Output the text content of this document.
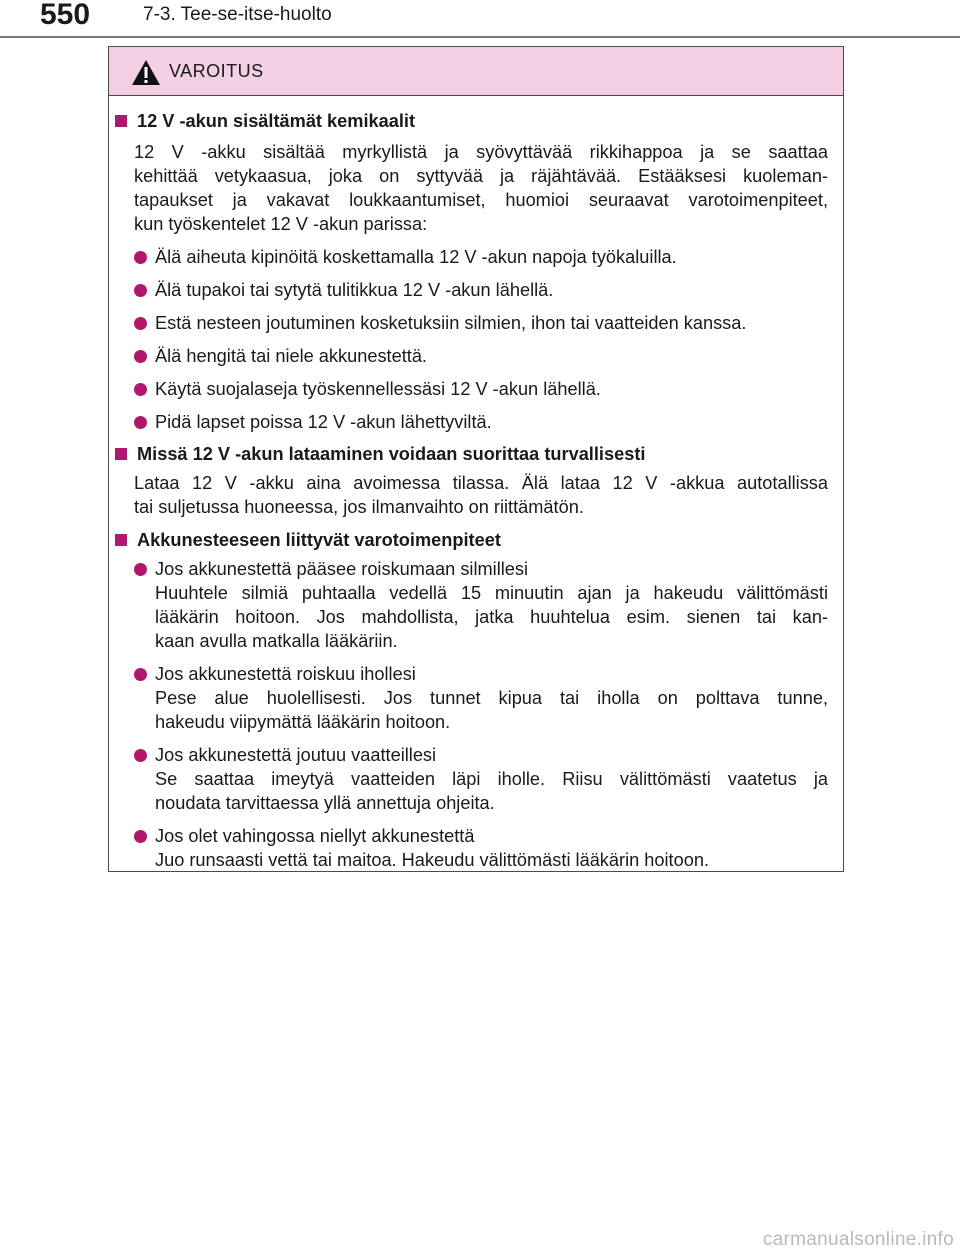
550	7-3. Tee-se-itse-huolto
VAROITUS
12 V -akun sisältämät kemikaalit
12 V -akku sisältää myrkyllistä ja syövyttävää rikkihappoa ja se saattaa
kehittää vetykaasua, joka on syttyvää ja räjähtävää. Estääksesi kuoleman-
tapaukset ja vakavat loukkaantumiset, huomioi seuraavat varotoimenpiteet,
kun työskentelet 12 V -akun parissa:
Älä aiheuta kipinöitä koskettamalla 12 V -akun napoja työkaluilla.
Älä tupakoi tai sytytä tulitikkua 12 V -akun lähellä.
Estä nesteen joutuminen kosketuksiin silmien, ihon tai vaatteiden kanssa.
Älä hengitä tai niele akkunestettä.
Käytä suojalaseja työskennellessäsi 12 V -akun lähellä.
Pidä lapset poissa 12 V -akun lähettyviltä.
Missä 12 V -akun lataaminen voidaan suorittaa turvallisesti
Lataa 12 V -akku aina avoimessa tilassa. Älä lataa 12 V -akkua autotallissa
tai suljetussa huoneessa, jos ilmanvaihto on riittämätön.
Akkunesteeseen liittyvät varotoimenpiteet
Jos akkunestettä pääsee roiskumaan silmillesi
Huuhtele silmiä puhtaalla vedellä 15 minuutin ajan ja hakeudu välittömästi
lääkärin hoitoon. Jos mahdollista, jatka huuhtelua esim. sienen tai kan-
kaan avulla matkalla lääkäriin.
Jos akkunestettä roiskuu ihollesi
Pese alue huolellisesti. Jos tunnet kipua tai iholla on polttava tunne,
hakeudu viipymättä lääkärin hoitoon.
Jos akkunestettä joutuu vaatteillesi
Se saattaa imeytyä vaatteiden läpi iholle. Riisu välittömästi vaatetus ja
noudata tarvittaessa yllä annettuja ohjeita.
Jos olet vahingossa niellyt akkunestettä
Juo runsaasti vettä tai maitoa. Hakeudu välittömästi lääkärin hoitoon.
carmanualsonline.info
